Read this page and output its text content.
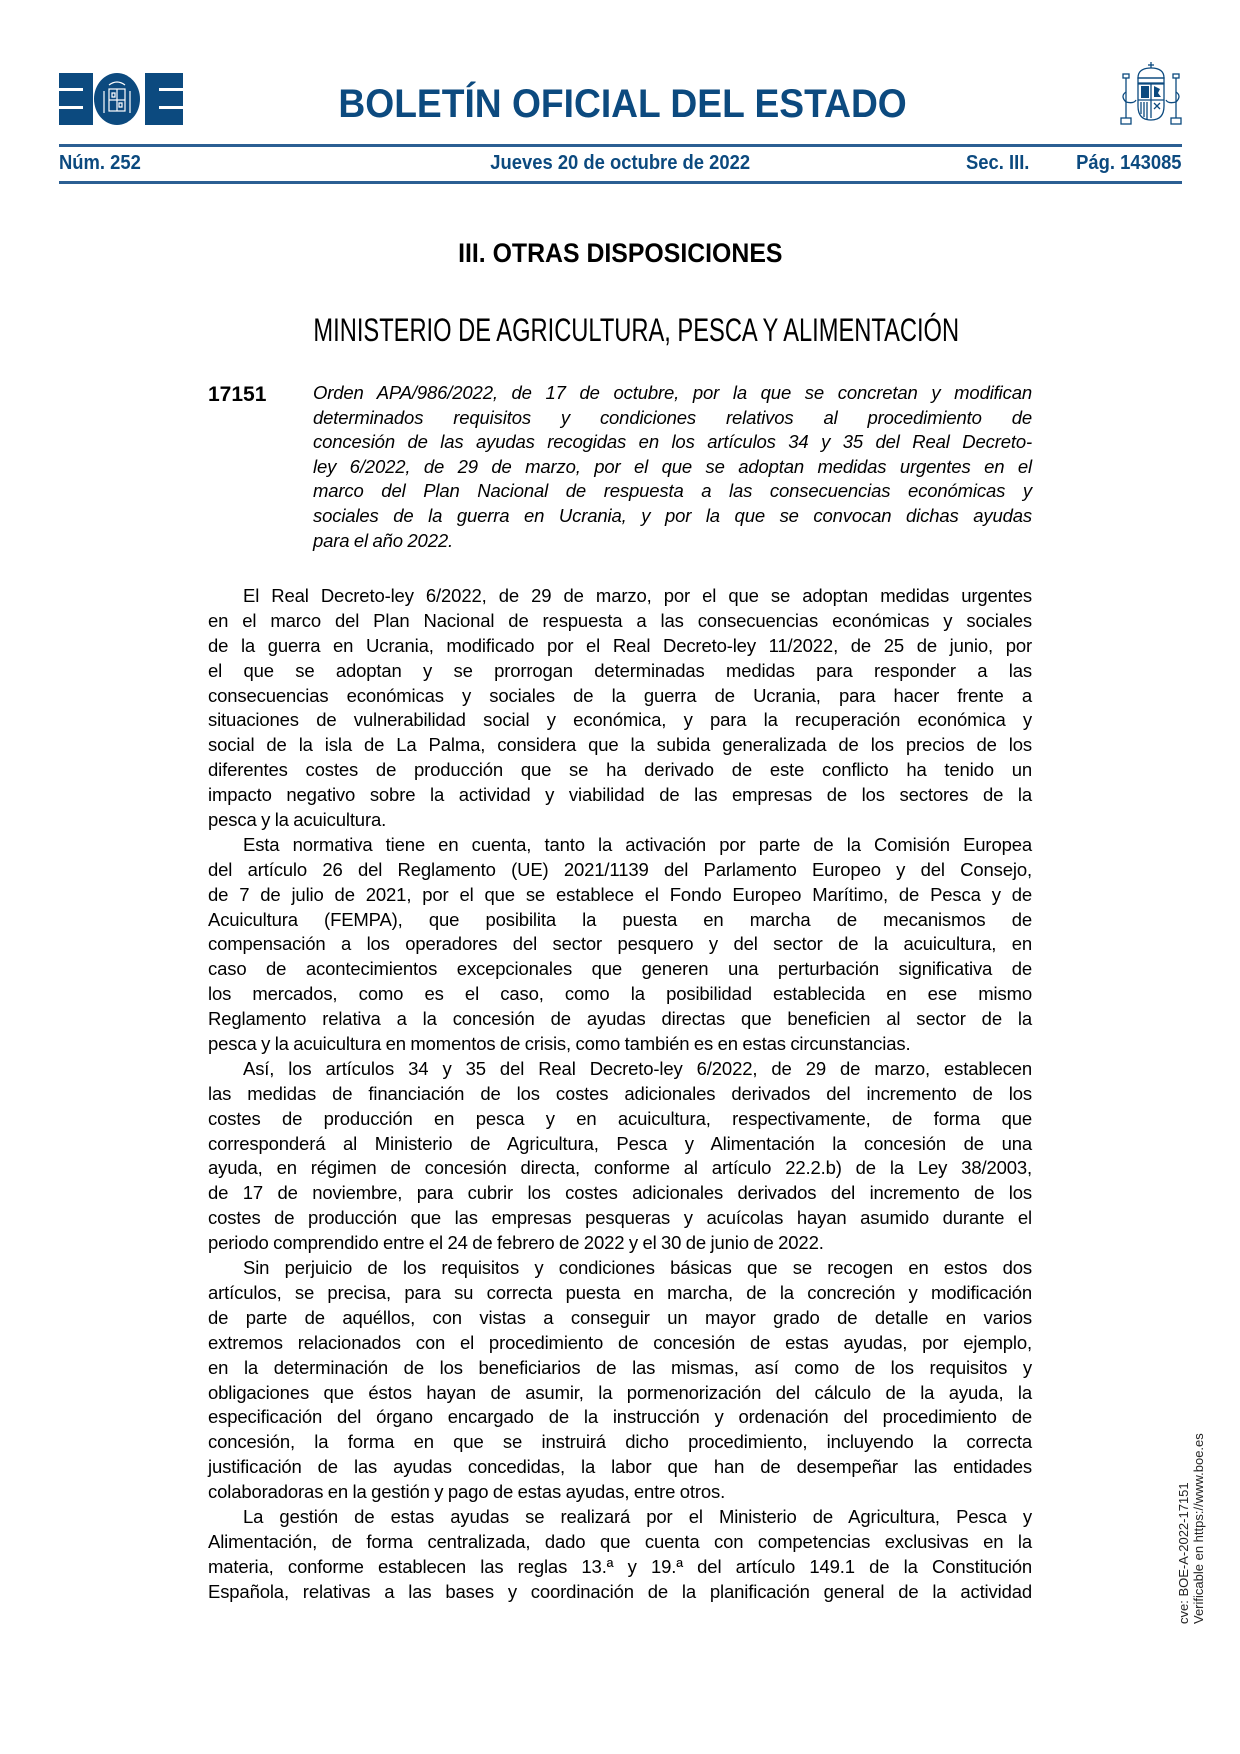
BOLETÍN OFICIAL DEL ESTADO
Núm. 252	Jueves 20 de octubre de 2022	Sec. III.	Pág. 143085
III. OTRAS DISPOSICIONES
MINISTERIO DE AGRICULTURA, PESCA Y ALIMENTACIÓN
17151	Orden APA/986/2022, de 17 de octubre, por la que se concretan y modifican
determinados requisitos y condiciones relativos al procedimiento de
concesión de las ayudas recogidas en los artículos 34 y 35 del Real Decreto-
ley 6/2022, de 29 de marzo, por el que se adoptan medidas urgentes en el
marco del Plan Nacional de respuesta a las consecuencias económicas y
sociales de la guerra en Ucrania, y por la que se convocan dichas ayudas
para el año 2022.
El Real Decreto-ley 6/2022, de 29 de marzo, por el que se adoptan medidas urgentes
en el marco del Plan Nacional de respuesta a las consecuencias económicas y sociales
de la guerra en Ucrania, modificado por el Real Decreto-ley 11/2022, de 25 de junio, por
el que se adoptan y se prorrogan determinadas medidas para responder a las
consecuencias económicas y sociales de la guerra de Ucrania, para hacer frente a
situaciones de vulnerabilidad social y económica, y para la recuperación económica y
social de la isla de La Palma, considera que la subida generalizada de los precios de los
diferentes costes de producción que se ha derivado de este conflicto ha tenido un
impacto negativo sobre la actividad y viabilidad de las empresas de los sectores de la
pesca y la acuicultura.
Esta normativa tiene en cuenta, tanto la activación por parte de la Comisión Europea
del artículo 26 del Reglamento (UE) 2021/1139 del Parlamento Europeo y del Consejo,
de 7 de julio de 2021, por el que se establece el Fondo Europeo Marítimo, de Pesca y de
Acuicultura (FEMPA), que posibilita la puesta en marcha de mecanismos de
compensación a los operadores del sector pesquero y del sector de la acuicultura, en
caso de acontecimientos excepcionales que generen una perturbación significativa de
los mercados, como es el caso, como la posibilidad establecida en ese mismo
Reglamento relativa a la concesión de ayudas directas que beneficien al sector de la
pesca y la acuicultura en momentos de crisis, como también es en estas circunstancias.
Así, los artículos 34 y 35 del Real Decreto-ley 6/2022, de 29 de marzo, establecen
las medidas de financiación de los costes adicionales derivados del incremento de los
costes de producción en pesca y en acuicultura, respectivamente, de forma que
corresponderá al Ministerio de Agricultura, Pesca y Alimentación la concesión de una
ayuda, en régimen de concesión directa, conforme al artículo 22.2.b) de la Ley 38/2003,
de 17 de noviembre, para cubrir los costes adicionales derivados del incremento de los
costes de producción que las empresas pesqueras y acuícolas hayan asumido durante el
periodo comprendido entre el 24 de febrero de 2022 y el 30 de junio de 2022.
Sin perjuicio de los requisitos y condiciones básicas que se recogen en estos dos
artículos, se precisa, para su correcta puesta en marcha, de la concreción y modificación
de parte de aquéllos, con vistas a conseguir un mayor grado de detalle en varios
extremos relacionados con el procedimiento de concesión de estas ayudas, por ejemplo,
en la determinación de los beneficiarios de las mismas, así como de los requisitos y
obligaciones que éstos hayan de asumir, la pormenorización del cálculo de la ayuda, la
especificación del órgano encargado de la instrucción y ordenación del procedimiento de
concesión, la forma en que se instruirá dicho procedimiento, incluyendo la correcta
justificación de las ayudas concedidas, la labor que han de desempeñar las entidades
colaboradoras en la gestión y pago de estas ayudas, entre otros.
La gestión de estas ayudas se realizará por el Ministerio de Agricultura, Pesca y
Alimentación, de forma centralizada, dado que cuenta con competencias exclusivas en la
materia, conforme establecen las reglas 13.ª y 19.ª del artículo 149.1 de la Constitución
Española, relativas a las bases y coordinación de la planificación general de la actividad	cve: BOE-A-2022-17151 Verificable en https://www.boe.es
